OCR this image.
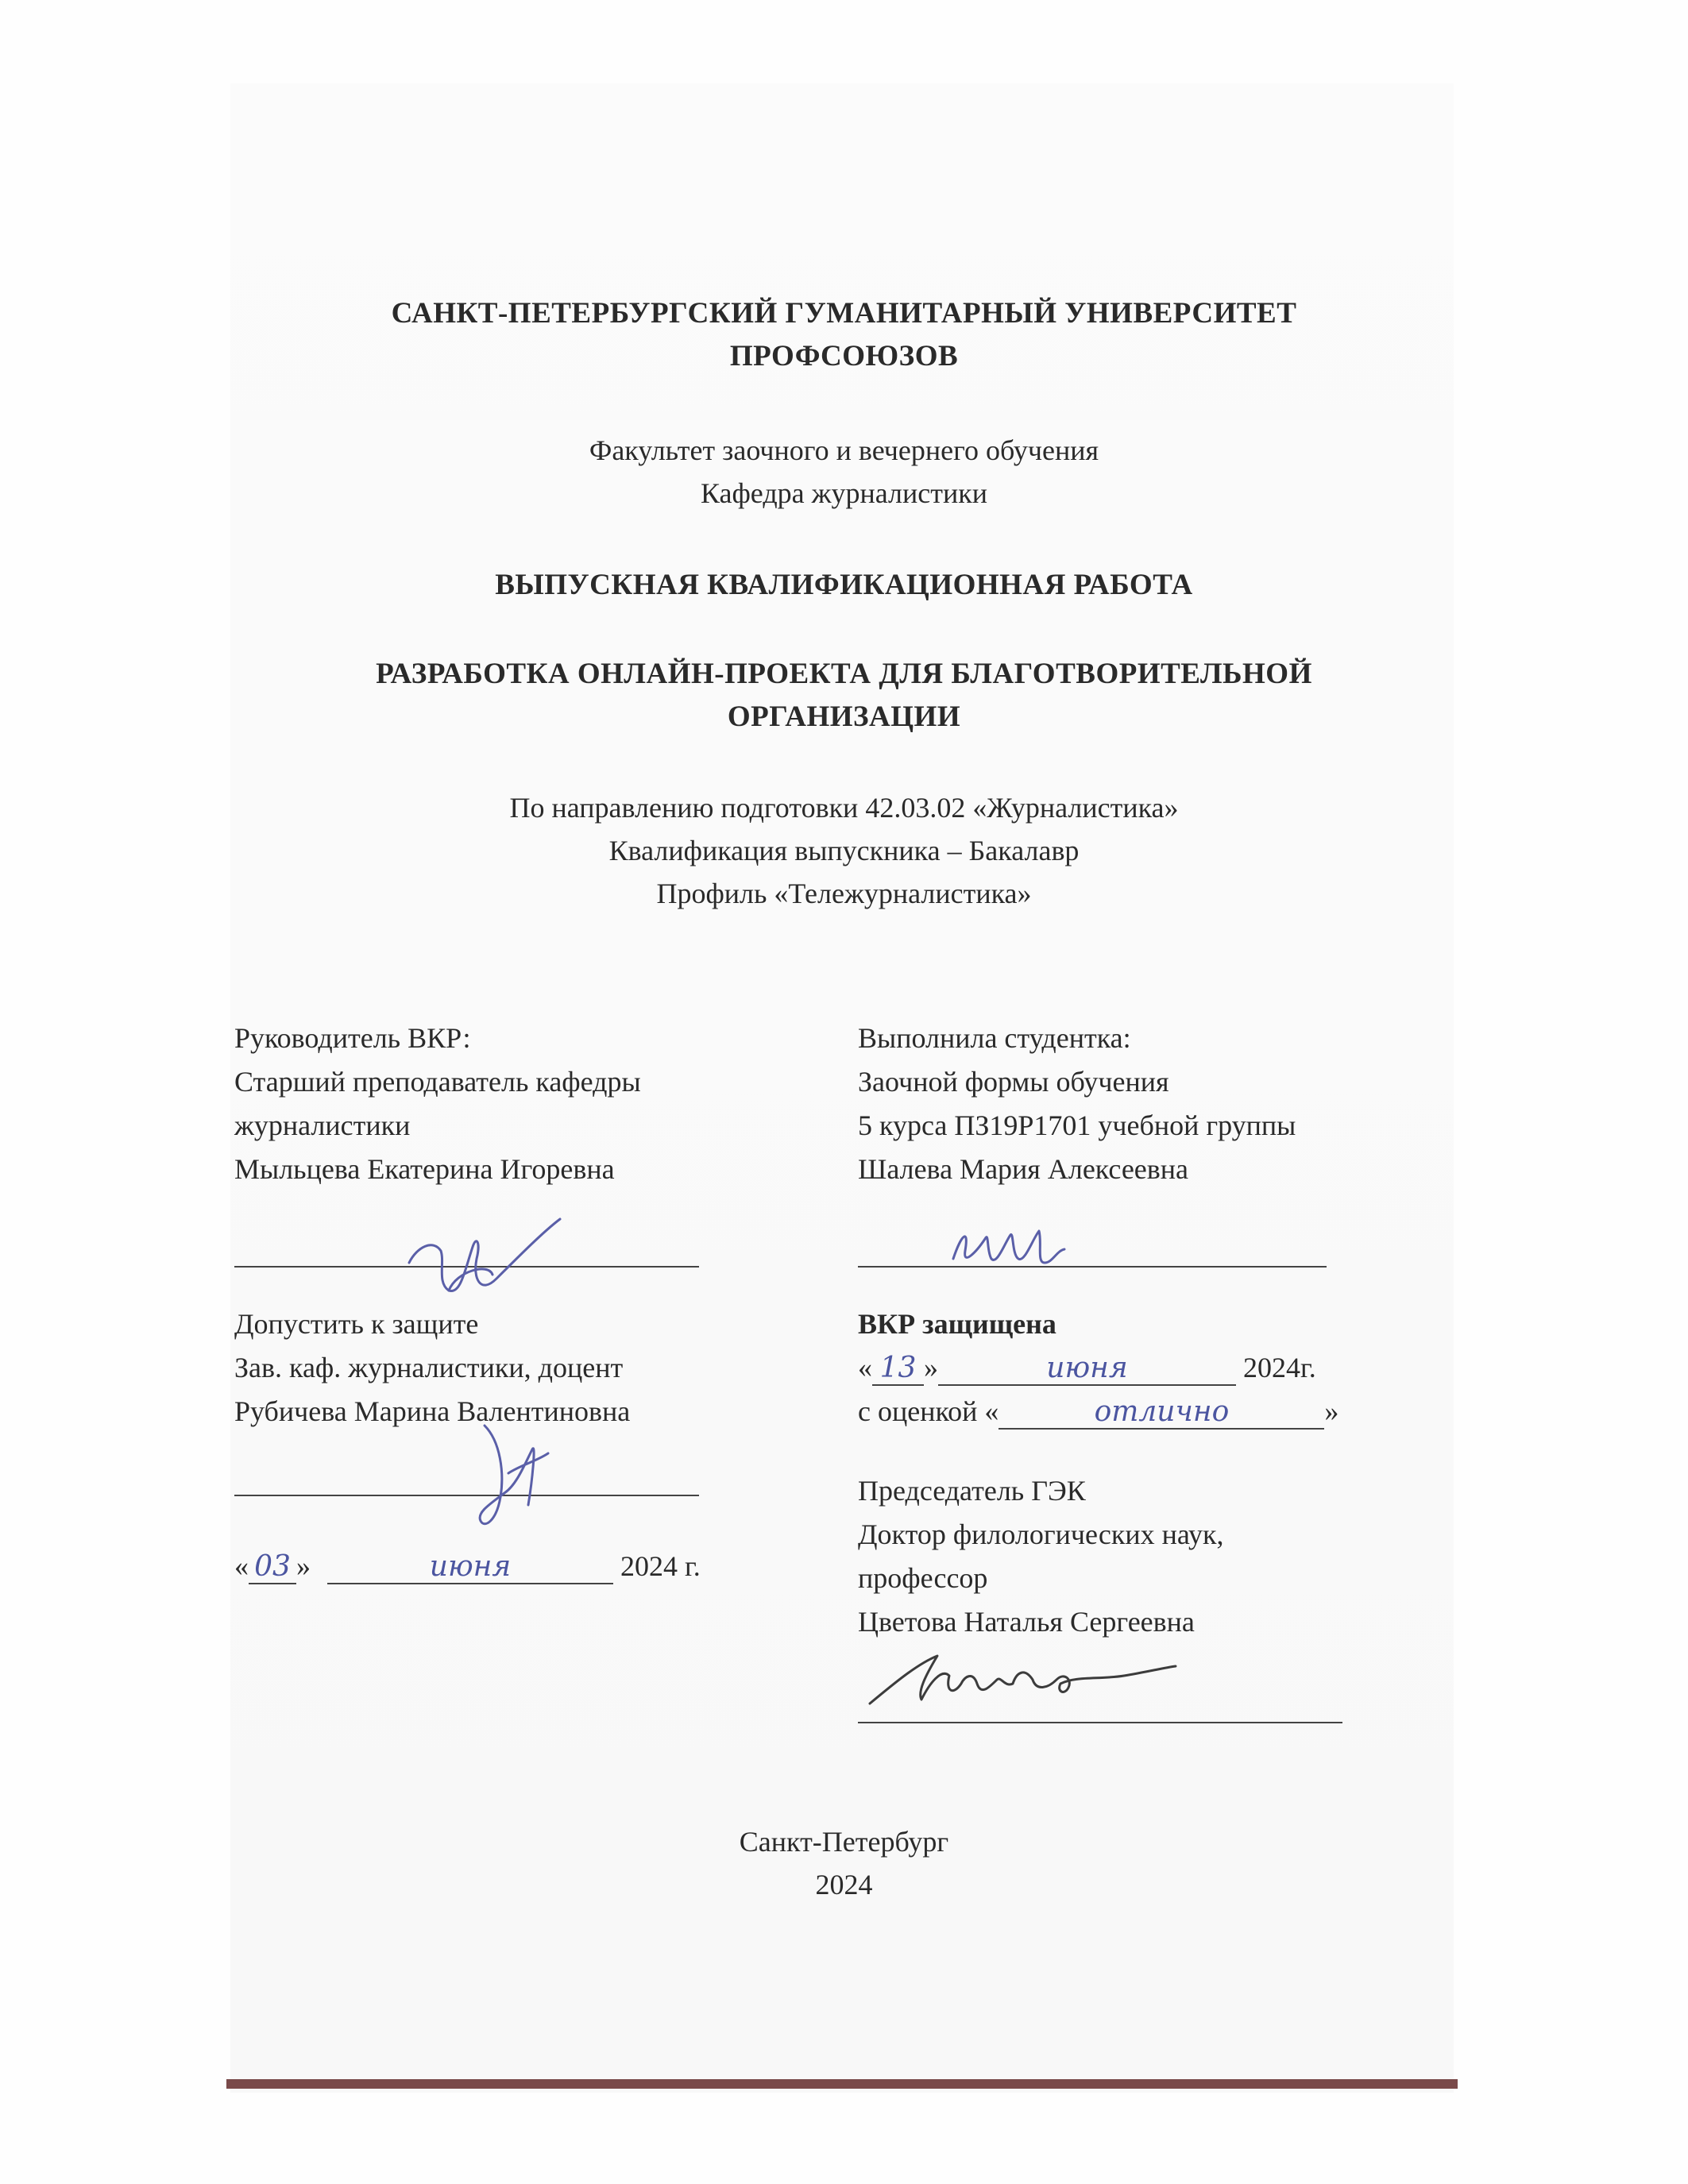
САНКТ-ПЕТЕРБУРГСКИЙ ГУМАНИТАРНЫЙ УНИВЕРСИТЕТ
ПРОФСОЮЗОВ
Факультет заочного и вечернего обучения
Кафедра журналистики
ВЫПУСКНАЯ КВАЛИФИКАЦИОННАЯ РАБОТА
РАЗРАБОТКА ОНЛАЙН-ПРОЕКТА ДЛЯ БЛАГОТВОРИТЕЛЬНОЙ
ОРГАНИЗАЦИИ
По направлению подготовки 42.03.02 «Журналистика»
Квалификация выпускника – Бакалавр
Профиль «Тележурналистика»
Руководитель ВКР:
Старший преподаватель кафедры
журналистики
Мыльцева Екатерина Игоревна
Выполнила студентка:
Заочной формы обучения
5 курса ПЗ19Р1701 учебной группы
Шалева Мария Алексеевна
Допустить к защите
Зав. каф. журналистики, доцент
Рубичева Марина Валентиновна
« 03 »	июня	2024 г.
ВКР защищена
« 13 »	июня	2024г.
с оценкой «	отлично	»
Председатель ГЭК
Доктор филологических наук,
профессор
Цветова Наталья Сергеевна
Санкт-Петербург
2024
